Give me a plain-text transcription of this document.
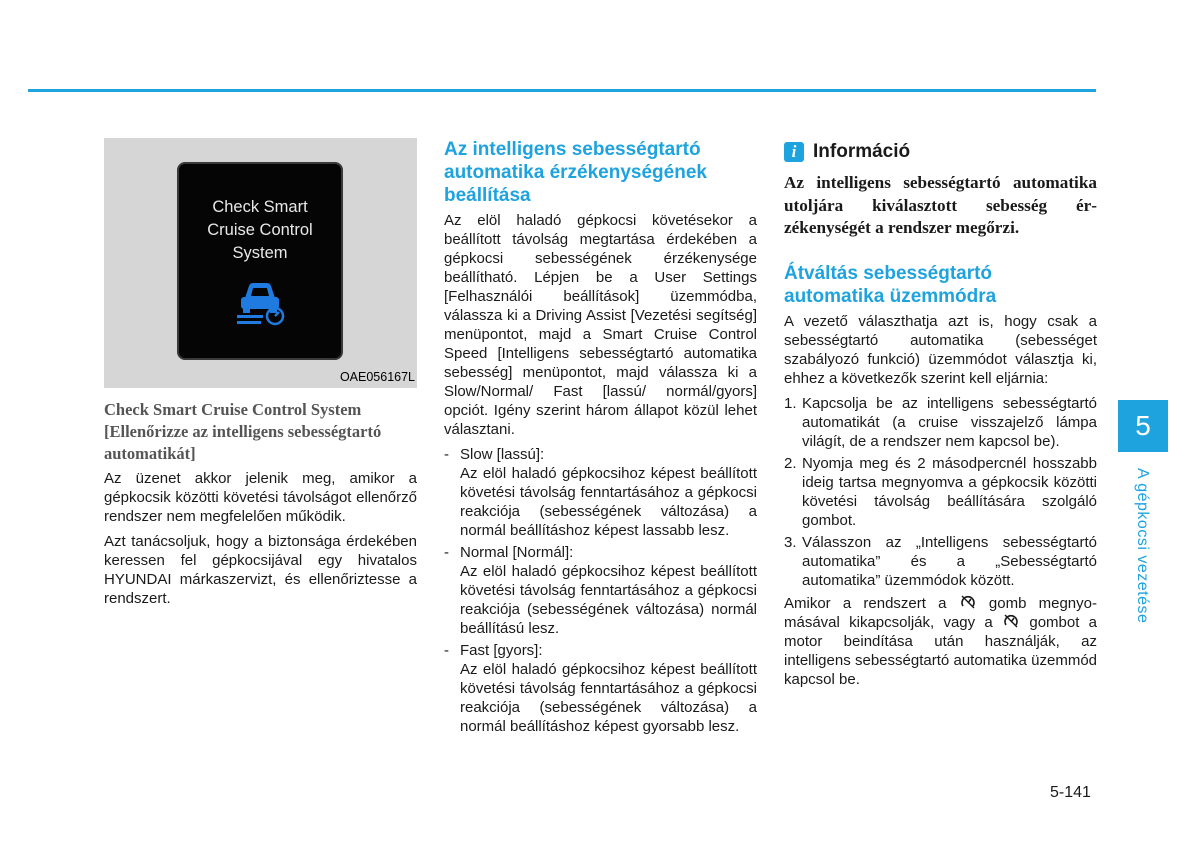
Check Smart
Cruise Control
System
OAE056167L
Check Smart Cruise Control System [Ellenőrizze az intelligens sebességtartó automatikát]

Az üzenet akkor jelenik meg, amikor a gépkocsik közötti követési távolságot ellenőrző rendszer nem megfelelően működik.

Azt tanácsoljuk, hogy a biztonsága érdekében keressen fel gépkocsijával egy hivatalos HYUNDAI márkaszervizt, és ellenőriztesse a rendszert.

Az intelligens sebességtartó automatika érzékenységének beállítása

Az elöl haladó gépkocsi követésekor a beállított távolság megtartása érdekében a gépkocsi sebességének érzékenysége beállítható. Lépjen be a User Settings [Felhasználói beállítások] üzemmódba, válassza ki a Driving Assist [Vezetési segítség] menüpontot, majd a Smart Cruise Control Speed [Intelligens sebességtartó automatika sebesség] menüpontot, majd válassza ki a Slow/Normal/ Fast [lassú/ normál/gyors] opciót. Igény szerint három állapot közül lehet választani.

- Slow [lassú]:
Az elöl haladó gépkocsihoz képest beállított követési távolság fenntartásához a gépkocsi reakciója (sebességének változása) a normál beállításhoz képest lassabb lesz.
- Normal [Normál]:
Az elöl haladó gépkocsihoz képest beállított követési távolság fenntartásához a gépkocsi reakciója (sebességének változása) normál beállítású lesz.
- Fast [gyors]:
Az elöl haladó gépkocsihoz képest beállított követési távolság fenntartásához a gépkocsi reakciója (sebességének változása) a normál beállításhoz képest gyorsabb lesz.
i Információ
Az intelligens sebességtartó automatika utoljára kiválasztott sebesség érzékenységét a rendszer megőrzi.
Átváltás sebességtartó automatika üzemmódra

A vezető választhatja azt is, hogy csak a sebességtartó automatika (sebességet szabályozó funkció) üzemmódot választja ki, ehhez a következők szerint kell eljárnia:

1. Kapcsolja be az intelligens sebességtartó automatikát (a cruise visszajelző lámpa világít, de a rendszer nem kapcsol be).
2. Nyomja meg és 2 másodpercnél hosszabb ideig tartsa megnyomva a gépkocsik közötti követési távolság beállítására szolgáló gombot.
3. Válasszon az „Intelligens sebességtartó automatika” és a „Sebességtartó automatika” üzemmódok között.

Amikor a rendszert a	gomb megnyomásával kikapcsolják, vagy a gombot a motor beindítása után használják, az intelligens sebességtartó automatika üzemmód kapcsol be.

5
A gépkocsi vezetése
5-141
